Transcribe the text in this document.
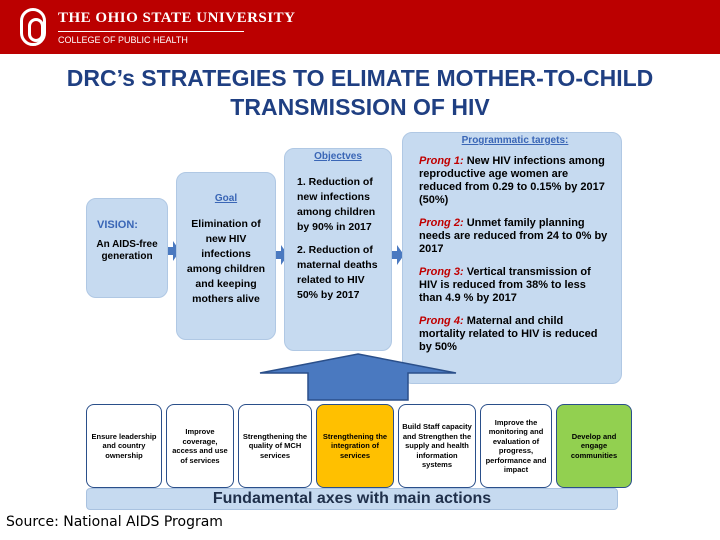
THE OHIO STATE UNIVERSITY
COLLEGE OF PUBLIC HEALTH
DRC’s STRATEGIES TO ELIMATE MOTHER-TO-CHILD TRANSMISSION OF HIV
VISION:
An AIDS-free generation
Goal
Elimination of new HIV infections among children and keeping mothers alive
Objectves
1. Reduction of new infections among children by 90% in 2017
2. Reduction of maternal deaths related to HIV 50% by 2017
Programmatic targets:
Prong 1: New HIV infections among reproductive age women are reduced from 0.29 to 0.15% by 2017 (50%)
Prong 2: Unmet family planning needs are reduced from 24 to 0% by 2017
Prong 3: Vertical transmission of HIV is reduced from 38% to less than 4.9 % by 2017
Prong 4: Maternal and child mortality related to HIV is reduced by 50%
Ensure leadership and country ownership
Improve coverage, access and use of services
Strengthening the quality of MCH services
Strengthening the integration of services
Build Staff capacity and Strengthen the supply and health information systems
Improve the monitoring and evaluation of progress, performance and impact
Develop and engage communities
Fundamental axes with main actions
Source: National AIDS Program
